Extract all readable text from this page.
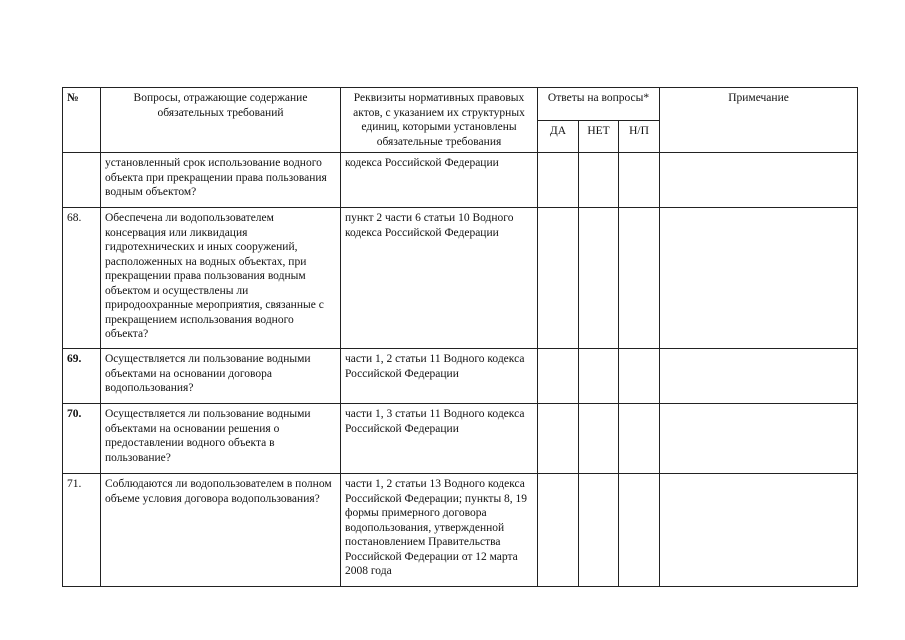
№	Вопросы, отражающие содержание обязательных требований	Реквизиты нормативных правовых актов, с указанием их структурных единиц, которыми установлены обязательные требования	Ответы на вопросы*			Примечание
			ДА	НЕТ	Н/П	
	установленный срок использование водного объекта при прекращении права пользования водным объектом?	кодекса Российской Федерации				
68.	Обеспечена ли водопользователем консервация или ликвидация гидротехнических и иных сооружений, расположенных на водных объектах, при прекращении права пользования водным объектом и осуществлены ли природоохранные мероприятия, связанные с прекращением использования водного объекта?	пункт 2 части 6 статьи 10 Водного кодекса Российской Федерации				
69.	Осуществляется ли пользование водными объектами на основании договора водопользования?	части 1, 2 статьи 11 Водного кодекса Российской Федерации				
70.	Осуществляется ли пользование водными объектами на основании решения о предоставлении водного объекта в пользование?	части 1, 3 статьи 11 Водного кодекса Российской Федерации				
71.	Соблюдаются ли водопользователем в полном объеме условия договора водопользования?	части 1, 2 статьи 13 Водного кодекса Российской Федерации; пункты 8, 19 формы примерного договора водопользования, утвержденной постановлением Правительства Российской Федерации от 12 марта 2008 года				
